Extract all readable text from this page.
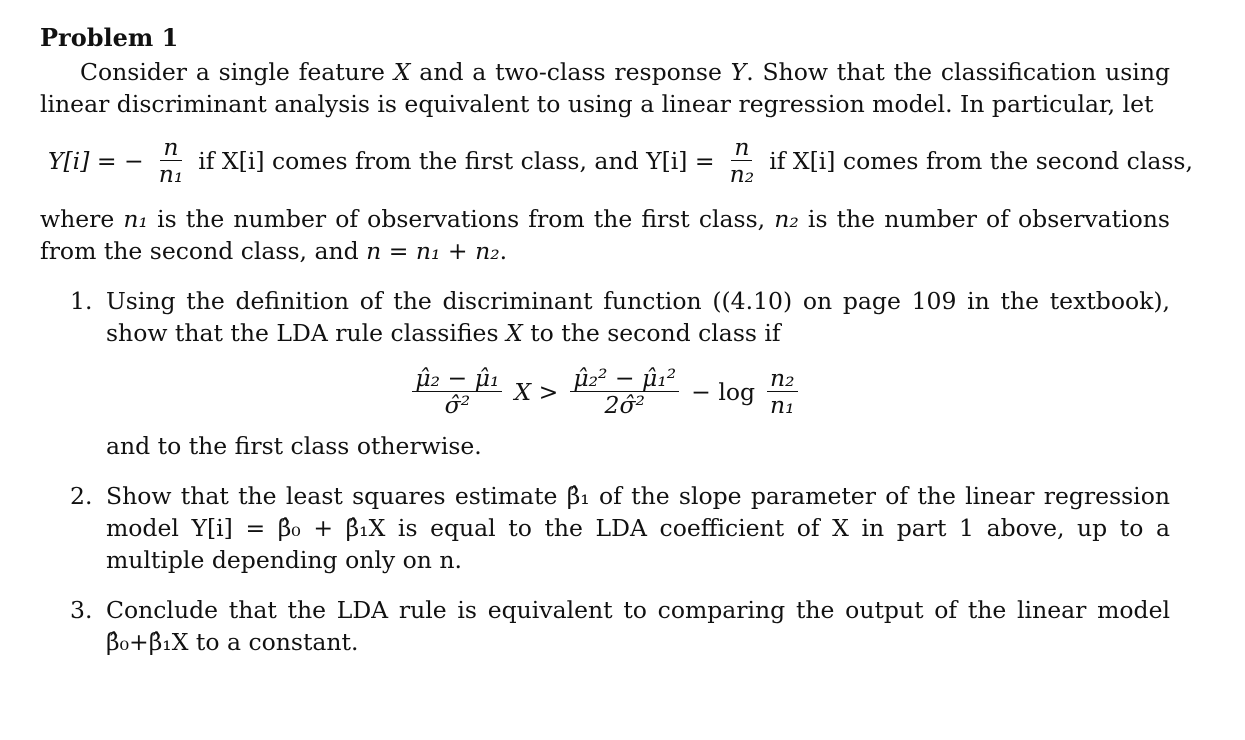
Problem 1

Consider a single feature X and a two-class response Y. Show that the classification using linear discriminant analysis is equivalent to using a linear regression model. In particular, let

Y[i] = − $\frac{n}{\text{n₁}}$ if X[i] comes from the first class, and $Y[i] = \frac{n}{\text{n₂}}$ if X[i] comes from the second class,

where n₁ is the number of observations from the first class, n₂ is the number of observations from the second class, and n = n₁ + n₂.

1. Using the definition of the discriminant function ((4.10) on page 109 in the textbook), show that the LDA rule classifies X to the second class if
$\frac{\text{μ̂₂ − μ̂₁}}{\text{σ̂²}}$ $X > \frac{\text{μ̂₂² − μ̂₁²}}{\text{2σ̂²}} - \log \frac{\text{n₂}}{\text{n₁}}$
and to the first class otherwise.
2. Show that the least squares estimate β̂₁ of the slope parameter of the linear regression model Y[i] = β̂₀ + β̂₁X is equal to the LDA coefficient of X in part 1 above, up to a multiple depending only on n.
3. Conclude that the LDA rule is equivalent to comparing the output of the linear model β̂₀+β̂₁X to a constant.
